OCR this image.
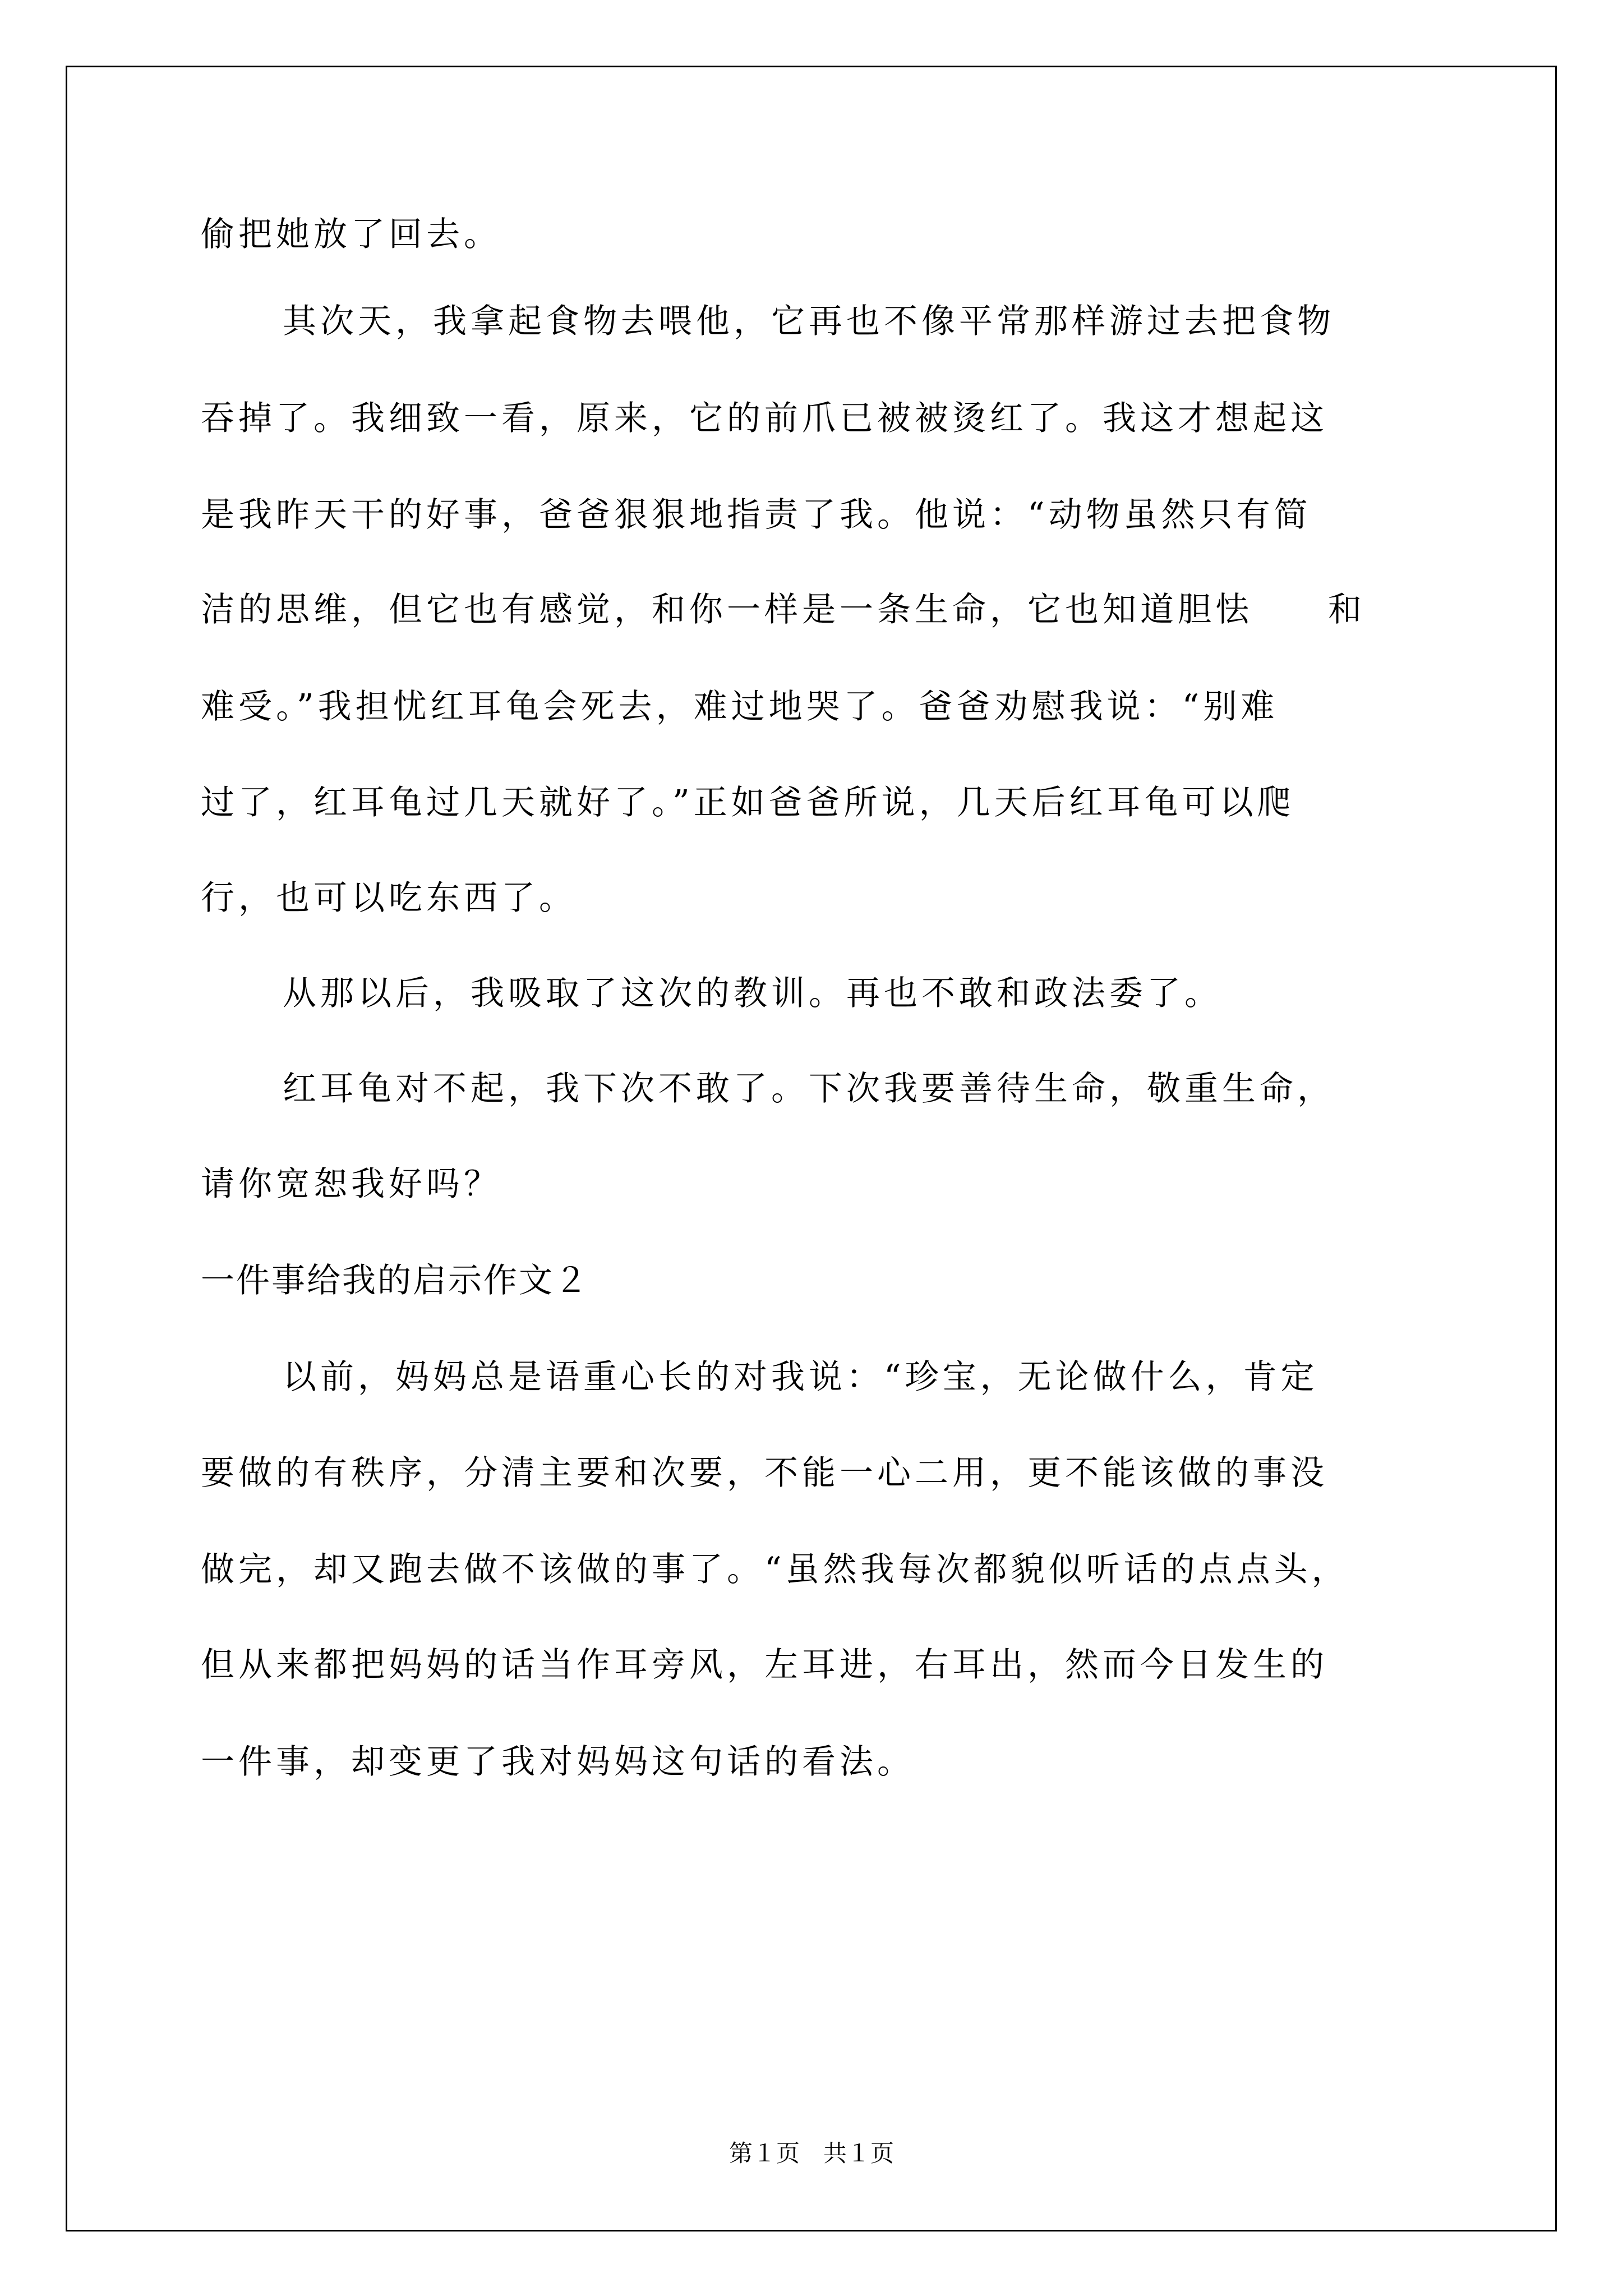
偷把她放了回去。
其次天，我拿起食物去喂他，它再也不像平常那样游过去把食物
吞掉了。我细致一看，原来，它的前爪已被被烫红了。我这才想起这
是我昨天干的好事，爸爸狠狠地指责了我。他说：“动物虽然只有简
洁的思维，但它也有感觉，和你一样是一条生命，它也知道胆怯　　和
难受。”我担忧红耳龟会死去，难过地哭了。爸爸劝慰我说：“别难
过了，红耳龟过几天就好了。”正如爸爸所说，几天后红耳龟可以爬
行，也可以吃东西了。
从那以后，我吸取了这次的教训。再也不敢和政法委了。
红耳龟对不起，我下次不敢了。下次我要善待生命，敬重生命，
请你宽恕我好吗？
一件事给我的启示作文２
以前，妈妈总是语重心长的对我说：“珍宝，无论做什么，肯定
要做的有秩序，分清主要和次要，不能一心二用，更不能该做的事没
做完，却又跑去做不该做的事了。“虽然我每次都貌似听话的点点头，
但从来都把妈妈的话当作耳旁风，左耳进，右耳出，然而今日发生的
一件事，却变更了我对妈妈这句话的看法。
第１页　共１页
